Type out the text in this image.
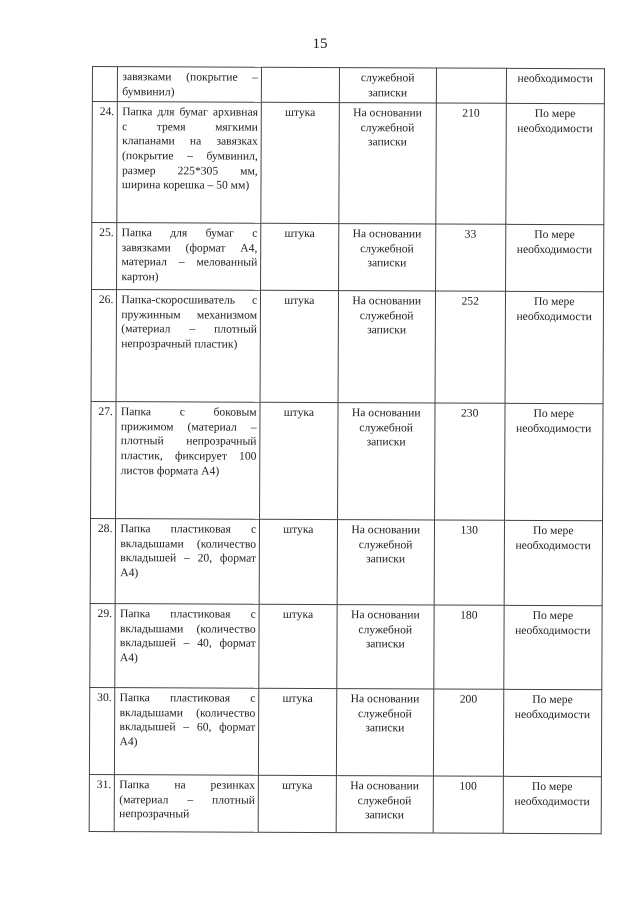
15
	завязками (покрытие – бумвинил)		служебной записки		необходимости
24.	Папка для бумаг архивная с тремя мягкими клапанами на завязках (покрытие – бумвинил, размер 225*305 мм, ширина корешка – 50 мм)	штука	На основании служебной записки	210	По мере необходимости
25.	Папка для бумаг с завязками (формат А4, материал – мелованный картон)	штука	На основании служебной записки	33	По мере необходимости
26.	Папка-скоросшиватель с пружинным механизмом (материал – плотный непрозрачный пластик)	штука	На основании служебной записки	252	По мере необходимости
27.	Папка с боковым прижимом (материал – плотный непрозрачный пластик, фиксирует 100 листов формата А4)	штука	На основании служебной записки	230	По мере необходимости
28.	Папка пластиковая с вкладышами (количество вкладышей – 20, формат А4)	штука	На основании служебной записки	130	По мере необходимости
29.	Папка пластиковая с вкладышами (количество вкладышей – 40, формат А4)	штука	На основании служебной записки	180	По мере необходимости
30.	Папка пластиковая с вкладышами (количество вкладышей – 60, формат А4)	штука	На основании служебной записки	200	По мере необходимости
31.	Папка на резинках (материал – плотный непрозрачный	штука	На основании служебной записки	100	По мере необходимости
